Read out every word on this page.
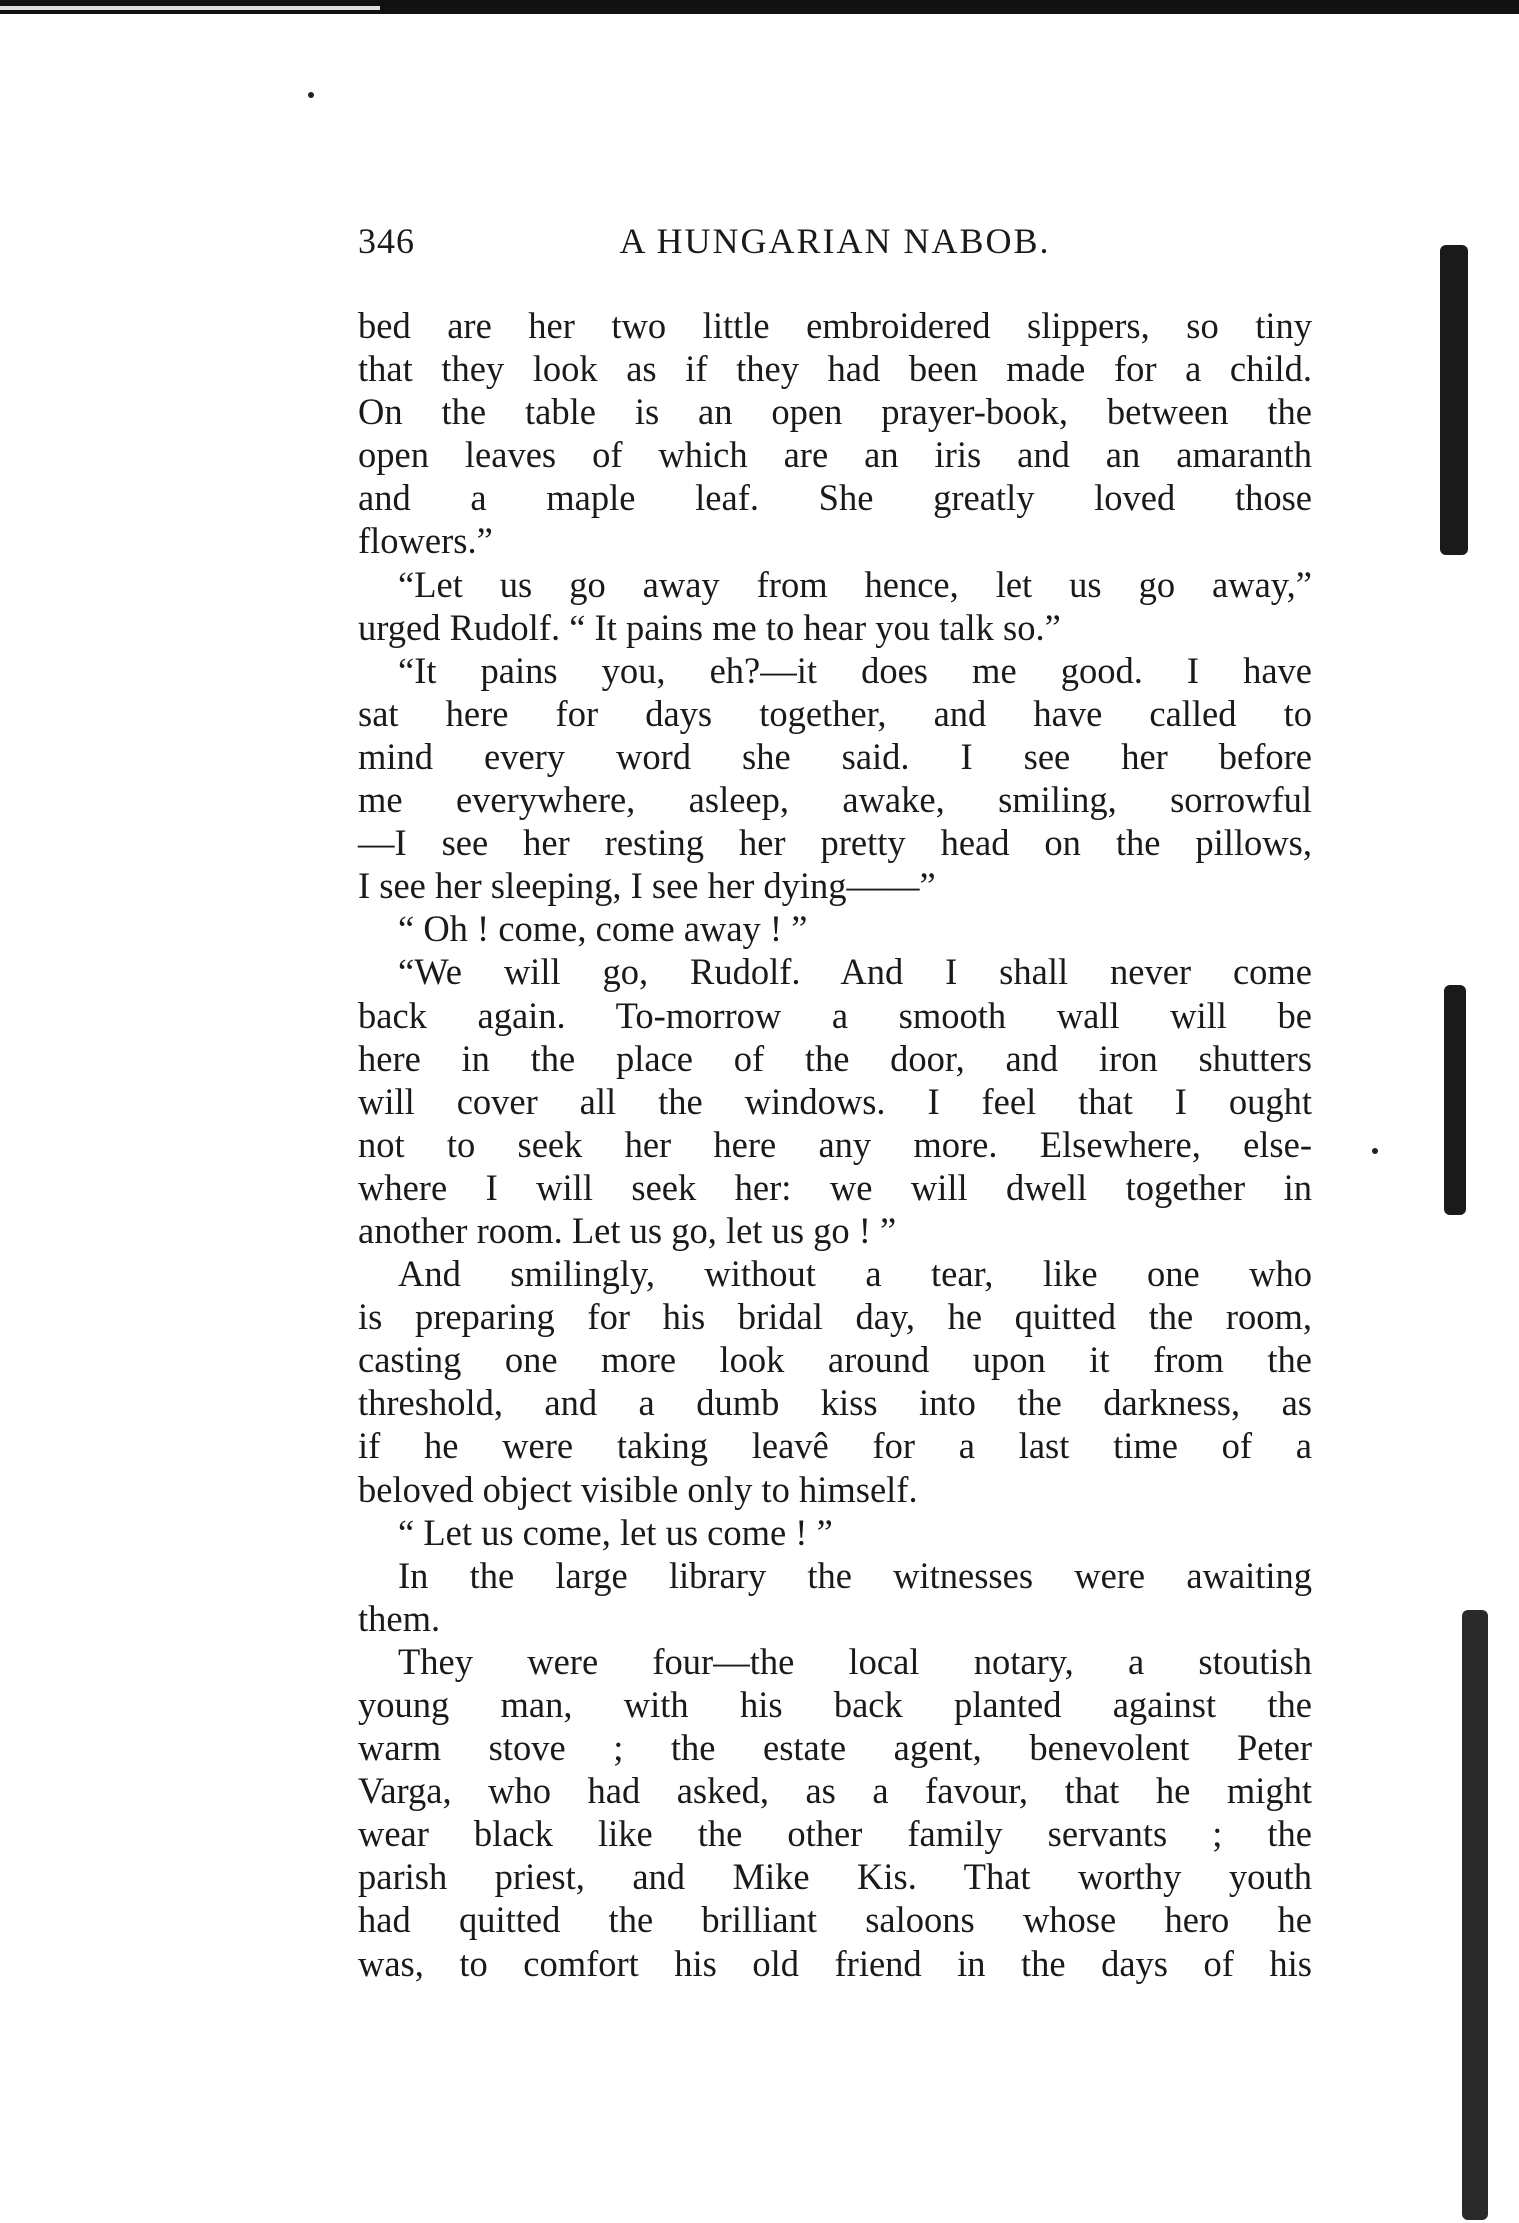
346	A HUNGARIAN NABOB.
bed are her two little embroidered slippers, so tiny
that they look as if they had been made for a child.
On the table is an open prayer-book, between the
open leaves of which are an iris and an amaranth
and a maple leaf. She greatly loved those
flowers.”
“Let us go away from hence, let us go away,”
urged Rudolf. “ It pains me to hear you talk so.”
“It pains you, eh?—it does me good. I have
sat here for days together, and have called to
mind every word she said. I see her before
me everywhere, asleep, awake, smiling, sorrowful
—I see her resting her pretty head on the pillows,
I see her sleeping, I see her dying——”
“ Oh ! come, come away ! ”
“We will go, Rudolf. And I shall never come
back again. To-morrow a smooth wall will be
here in the place of the door, and iron shutters
will cover all the windows. I feel that I ought
not to seek her here any more. Elsewhere, else-
where I will seek her: we will dwell together in
another room. Let us go, let us go ! ”
And smilingly, without a tear, like one who
is preparing for his bridal day, he quitted the room,
casting one more look around upon it from the
threshold, and a dumb kiss into the darkness, as
if he were taking leavê for a last time of a
beloved object visible only to himself.
“ Let us come, let us come ! ”
In the large library the witnesses were awaiting
them.
They were four—the local notary, a stoutish
young man, with his back planted against the
warm stove ; the estate agent, benevolent Peter
Varga, who had asked, as a favour, that he might
wear black like the other family servants ; the
parish priest, and Mike Kis. That worthy youth
had quitted the brilliant saloons whose hero he
was, to comfort his old friend in the days of his
